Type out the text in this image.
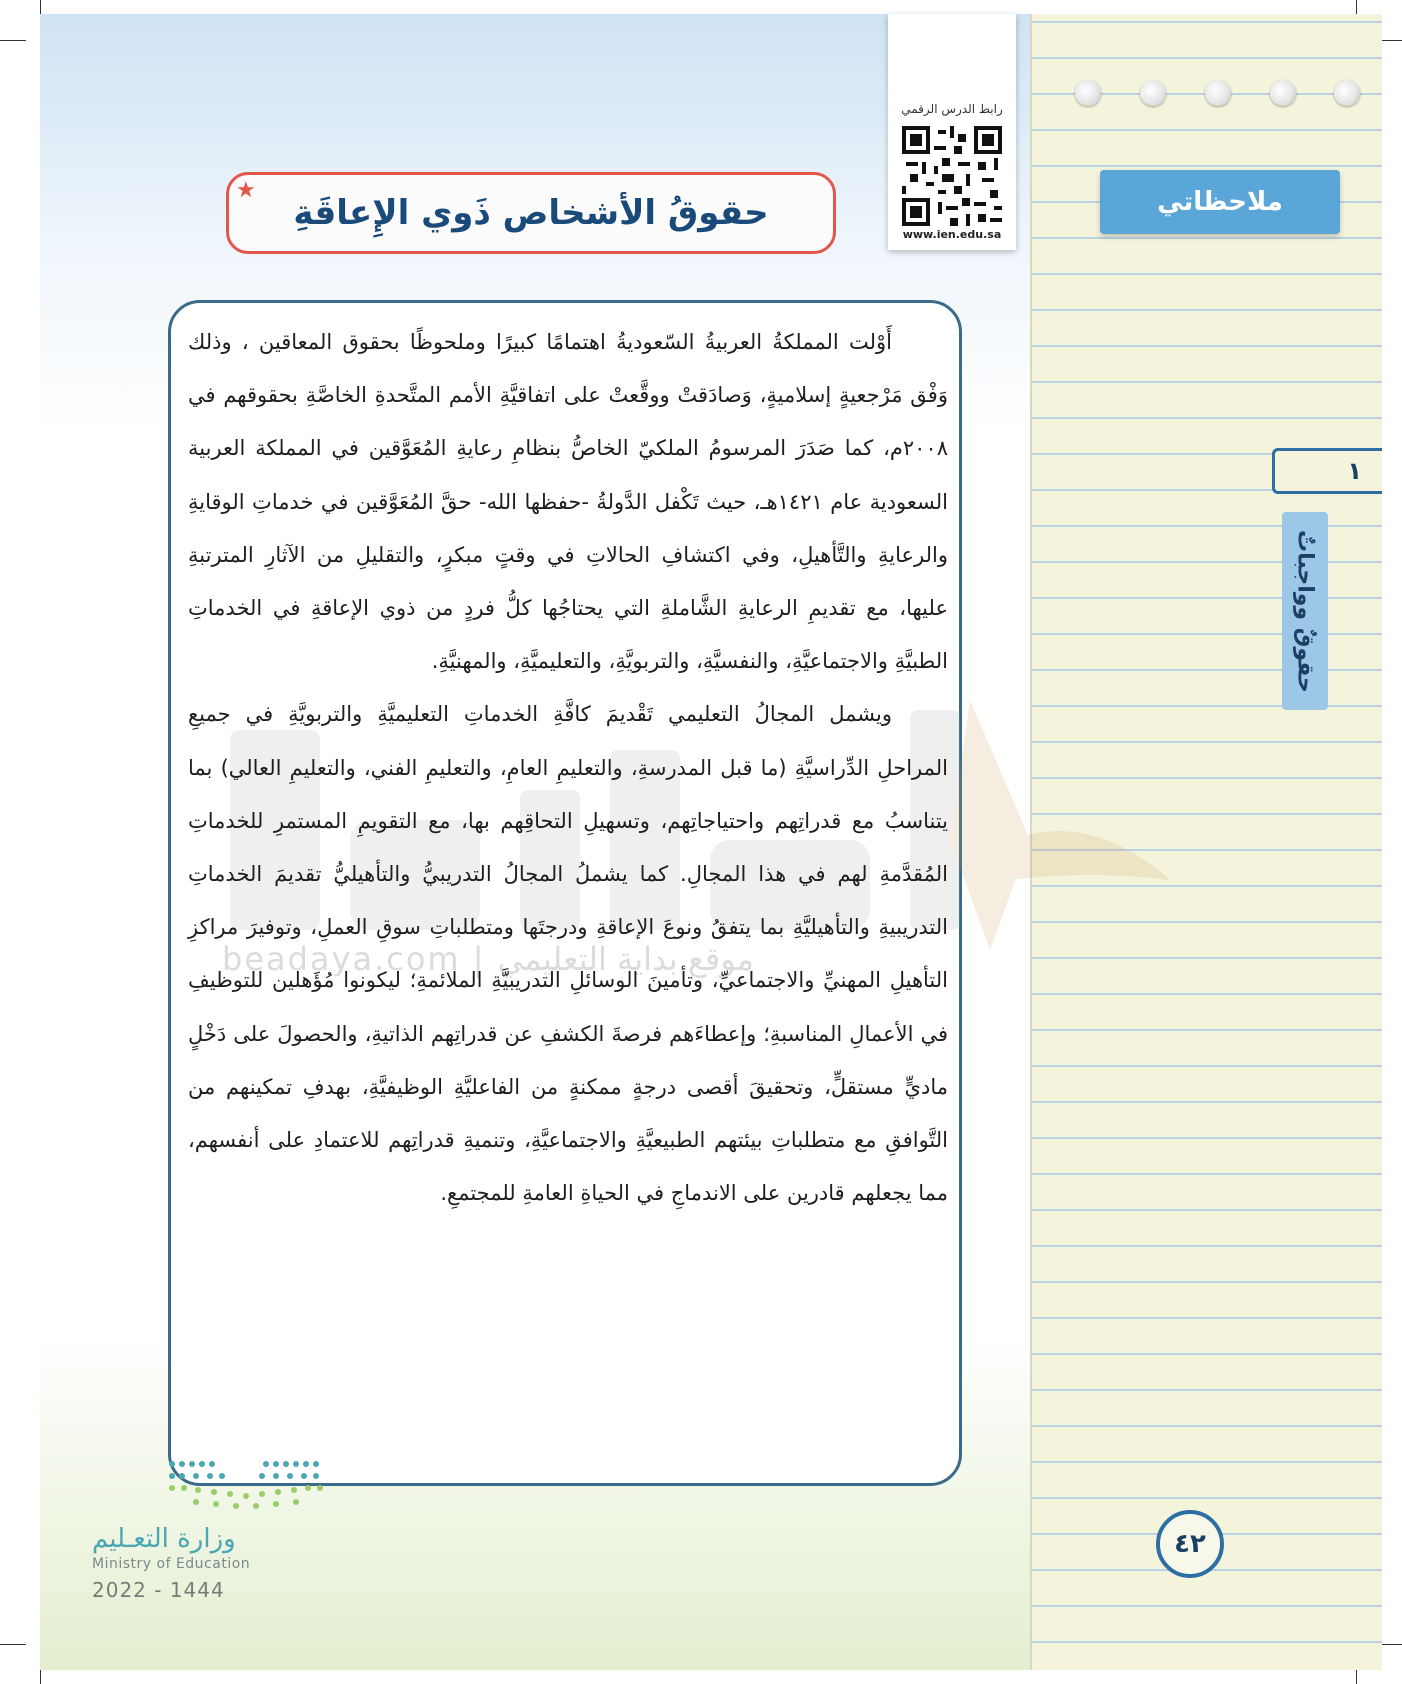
ملاحظاتي
١
حقوقٌ وواجباتٌ
رابط الدرس الرقمي
www.ien.edu.sa
حقوقُ الأشخاص ذَوي الإِعاقَةِ
★
beadaya.com | موقع بداية التعليمي

أَوْلت المملكةُ العربيةُ السّعوديةُ اهتمامًا كبيرًا وملحوظًا بحقوق المعاقين ، وذلك وَفْق مَرْجعيةٍ إسلاميةٍ، وَصادَقتْ ووقَّعتْ على اتفاقيَّةِ الأمم المتَّحدةِ الخاصَّةِ بحقوقهم في ٢٠٠٨م، كما صَدَرَ المرسومُ الملكيّ الخاصُّ بنظامِ رعايةِ المُعَوَّقين في المملكة العربية السعودية عام ١٤٢١هـ، حيث تَكْفل الدَّولةُ -حفظها الله- حقَّ المُعَوَّقين في خدماتِ الوقايةِ والرعايةِ والتَّأهيلِ، وفي اكتشافِ الحالاتِ في وقتٍ مبكرٍ، والتقليلِ من الآثارِ المترتبةِ عليها، مع تقديمِ الرعايةِ الشَّاملةِ التي يحتاجُها كلُّ فردٍ من ذوي الإعاقةِ في الخدماتِ الطبيَّةِ والاجتماعيَّةِ، والنفسيَّةِ، والتربويَّةِ، والتعليميَّةِ، والمهنيَّةِ.

ويشمل المجالُ التعليمي تَقْديمَ كافَّةِ الخدماتِ التعليميَّةِ والتربويَّةِ في جميعِ المراحلِ الدِّراسيَّةِ (ما قبل المدرسةِ، والتعليمِ العامِ، والتعليمِ الفني، والتعليمِ العالي) بما يتناسبُ مع قدراتِهم واحتياجاتِهم، وتسهيلِ التحاقِهم بها، مع التقويمِ المستمرِ للخدماتِ المُقدَّمةِ لهم في هذا المجالِ. كما يشملُ المجالُ التدريبيُّ والتأهيليُّ تقديمَ الخدماتِ التدريبيةِ والتأهيليَّةِ بما يتفقُ ونوعَ الإعاقةِ ودرجتَها ومتطلباتِ سوقِ العملِ، وتوفيرَ مراكزِ التأهيلِ المهنيِّ والاجتماعيِّ، وتأمينَ الوسائلِ التدريبيَّةِ الملائمةِ؛ ليكونوا مُؤَهلين للتوظيفِ في الأعمالِ المناسبةِ؛ وإعطاءَهم فرصةَ الكشفِ عن قدراتِهم الذاتيةِ، والحصولَ على دَخْلٍ ماديٍّ مستقلٍّ، وتحقيقَ أقصى درجةٍ ممكنةٍ من الفاعليَّةِ الوظيفيَّةِ، بهدفِ تمكينهم من التَّوافقِ مع متطلباتِ بيئتهم الطبيعيَّةِ والاجتماعيَّةِ، وتنميةِ قدراتِهم للاعتمادِ على أنفسهم، مما يجعلهم قادرين على الاندماجِ في الحياةِ العامةِ للمجتمعِ.

وزارة التعـليم
Ministry of Education
2022 - 1444
٤٢
